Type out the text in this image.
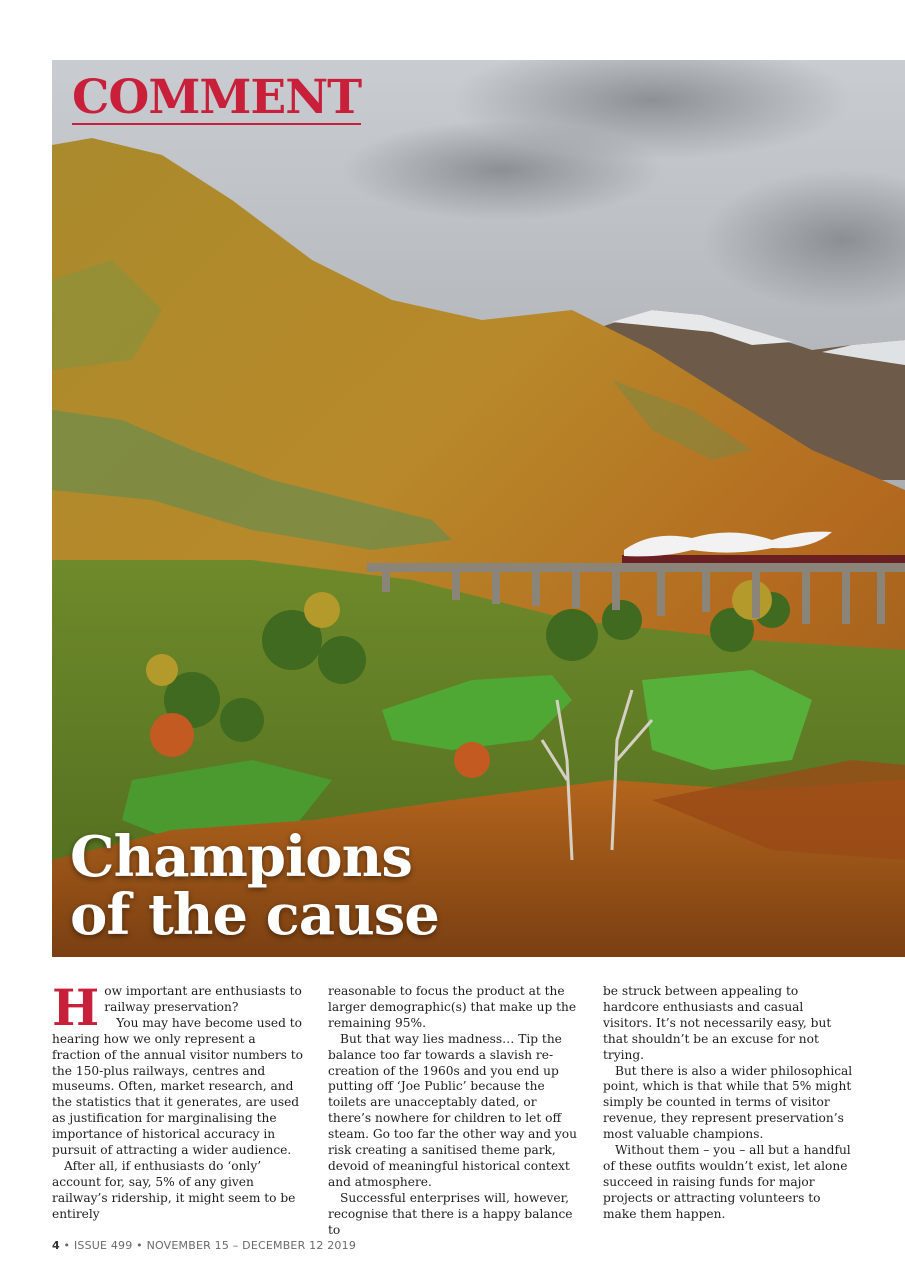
COMMENT
Champions
of the cause

How important are enthusiasts to railway preservation?

You may have become used to hearing how we only represent a fraction of the annual visitor numbers to the 150-plus railways, centres and museums. Often, market research, and the statistics that it generates, are used as justification for marginalising the importance of historical accuracy in pursuit of attracting a wider audience.

After all, if enthusiasts do ‘only’ account for, say, 5% of any given railway’s ridership, it might seem to be entirely

reasonable to focus the product at the larger demographic(s) that make up the remaining 95%.

But that way lies madness… Tip the balance too far towards a slavish re-creation of the 1960s and you end up putting off ‘Joe Public’ because the toilets are unacceptably dated, or there’s nowhere for children to let off steam. Go too far the other way and you risk creating a sanitised theme park, devoid of meaningful historical context and atmosphere.

Successful enterprises will, however, recognise that there is a happy balance to

be struck between appealing to hardcore enthusiasts and casual visitors. It’s not necessarily easy, but that shouldn’t be an excuse for not trying.

But there is also a wider philosophical point, which is that while that 5% might simply be counted in terms of visitor revenue, they represent preservation’s most valuable champions.

Without them – you – all but a handful of these outfits wouldn’t exist, let alone succeed in raising funds for major projects or attracting volunteers to make them happen.

4 • ISSUE 499 • NOVEMBER 15 – DECEMBER 12 2019
